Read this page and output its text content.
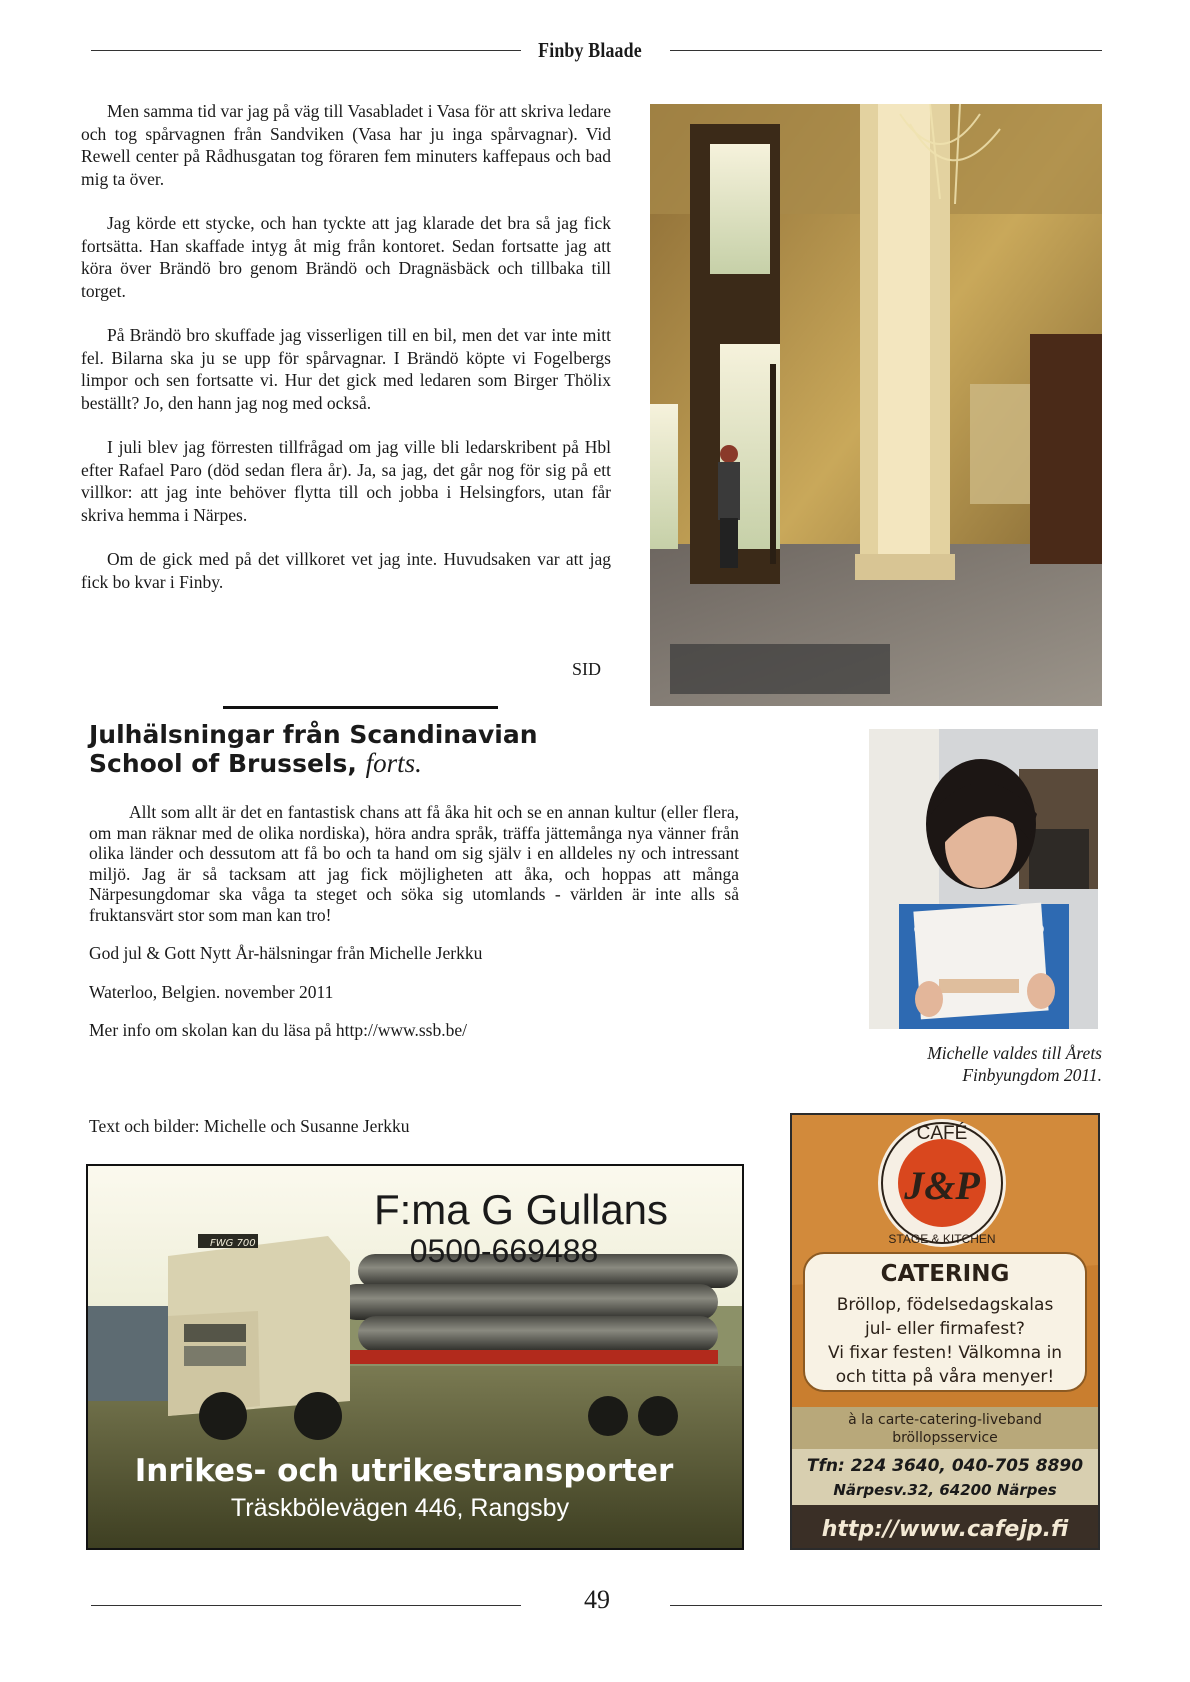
Finby Blaade

Men samma tid var jag på väg till Vasabladet i Vasa för att skriva ledare och tog spårvagnen från Sandviken (Vasa har ju inga spårvagnar). Vid Rewell center på Rådhusgatan tog föraren fem minuters kaffepaus och bad mig ta över.

Jag körde ett stycke, och han tyckte att jag klarade det bra så jag fick fortsätta. Han skaffade intyg åt mig från kontoret. Sedan fortsatte jag att köra över Brändö bro genom Brändö och Dragnäsbäck och tillbaka till torget.

På Brändö bro skuffade jag visserligen till en bil, men det var inte mitt fel. Bilarna ska ju se upp för spårvagnar. I Brändö köpte vi Fogelbergs limpor och sen fortsatte vi. Hur det gick med ledaren som Birger Thölix beställt? Jo, den hann jag nog med också.

I juli blev jag förresten tillfrågad om jag ville bli ledarskribent på Hbl efter Rafael Paro (död sedan flera år). Ja, sa jag, det går nog för sig på ett villkor: att jag inte behöver flytta till och jobba i Helsingfors, utan får skriva hemma i Närpes.

Om de gick med på det villkoret vet jag inte. Huvudsaken var att jag fick bo kvar i Finby.

SID
Julhälsningar från Scandinavian School of Brussels, forts.

Allt som allt är det en fantastisk chans att få åka hit och se en annan kultur (eller flera, om man räknar med de olika nordiska), höra andra språk, träffa jättemånga nya vänner från olika länder och dessutom att få bo och ta hand om sig själv i en alldeles ny och intressant miljö. Jag är så tacksam att jag fick möjligheten att åka, och hoppas att många Närpesungdomar ska våga ta steget och söka sig utomlands - världen är inte alls så fruktansvärt stor som man kan tro!

God jul & Gott Nytt År-hälsningar från Michelle Jerkku

Waterloo, Belgien. november 2011

Mer info om skolan kan du läsa på http://www.ssb.be/

Michelle valdes till Årets Finbyungdom 2011.
Text och bilder: Michelle och Susanne Jerkku
FWG 700
F:ma G Gullans
0500-669488
Inrikes- och utrikestransporter
Träskbölevägen 446, Rangsby
J&P
CAFÉ
STAGE & KITCHEN
CATERING
Bröllop, födelsedagskalas
jul- eller firmafest?
Vi fixar festen! Välkomna in
och titta på våra menyer!
à la carte-catering-liveband
bröllopsservice
Tfn: 224 3640, 040-705 8890
Närpesv.32, 64200 Närpes
http://www.cafejp.fi
49
